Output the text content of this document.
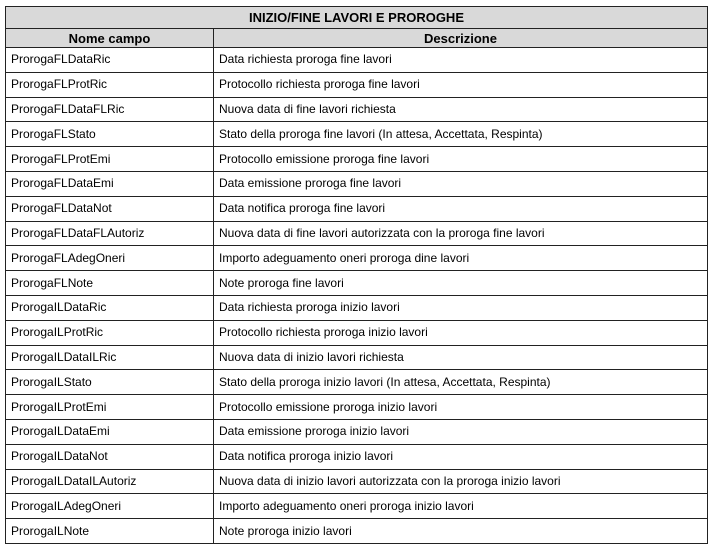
INIZIO/FINE LAVORI E PROROGHE	
Nome campo	Descrizione
ProrogaFLDataRic	Data richiesta proroga fine lavori
ProrogaFLProtRic	Protocollo richiesta proroga fine lavori
ProrogaFLDataFLRic	Nuova data di fine lavori richiesta
ProrogaFLStato	Stato della proroga fine lavori (In attesa, Accettata, Respinta)
ProrogaFLProtEmi	Protocollo emissione proroga fine lavori
ProrogaFLDataEmi	Data emissione proroga fine lavori
ProrogaFLDataNot	Data notifica proroga fine lavori
ProrogaFLDataFLAutoriz	Nuova data di fine lavori autorizzata con la proroga fine lavori
ProrogaFLAdegOneri	Importo adeguamento oneri proroga dine lavori
ProrogaFLNote	Note proroga fine lavori
ProrogaILDataRic	Data richiesta proroga inizio lavori
ProrogaILProtRic	Protocollo richiesta proroga inizio lavori
ProrogaILDataILRic	Nuova data di inizio lavori richiesta
ProrogaILStato	Stato della proroga inizio lavori (In attesa, Accettata, Respinta)
ProrogaILProtEmi	Protocollo emissione proroga inizio lavori
ProrogaILDataEmi	Data emissione proroga inizio lavori
ProrogaILDataNot	Data notifica proroga inizio lavori
ProrogaILDataILAutoriz	Nuova data di inizio lavori autorizzata con la proroga inizio lavori
ProrogaILAdegOneri	Importo adeguamento oneri proroga inizio lavori
ProrogaILNote	Note proroga inizio lavori
